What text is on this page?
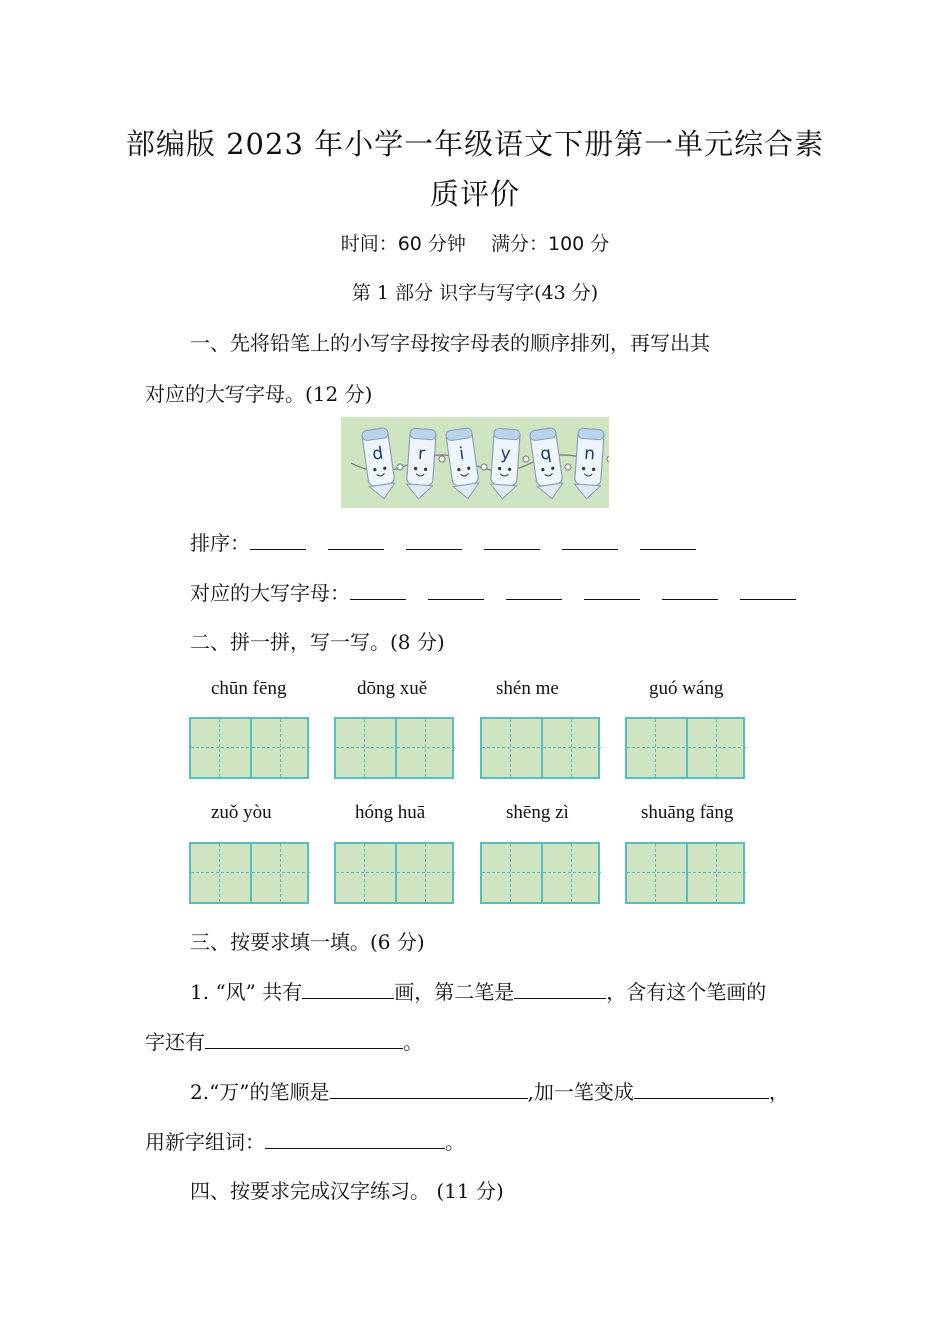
部编版 2023 年小学一年级语文下册第一单元综合素
质评价
时间：60 分钟　 满分：100 分
第 1 部分 识字与写字(43 分)
一、先将铅笔上的小写字母按字母表的顺序排列，再写出其
对应的大写字母。(12 分)
d r i y q n
排序：
对应的大写字母：
二、拼一拼，写一写。(8 分)
chūn fēng	dōng xuě	shén me	guó wáng
zuǒ yòu	hóng huā	shēng zì	shuāng fāng
三、按要求填一填。(6 分)
1. “风” 共有	画，第二笔是	，含有这个笔画的
字还有	。
2.“万”的笔顺是	,加一笔变成	，
用新字组词：	。
四、按要求完成汉字练习。 (11 分)
